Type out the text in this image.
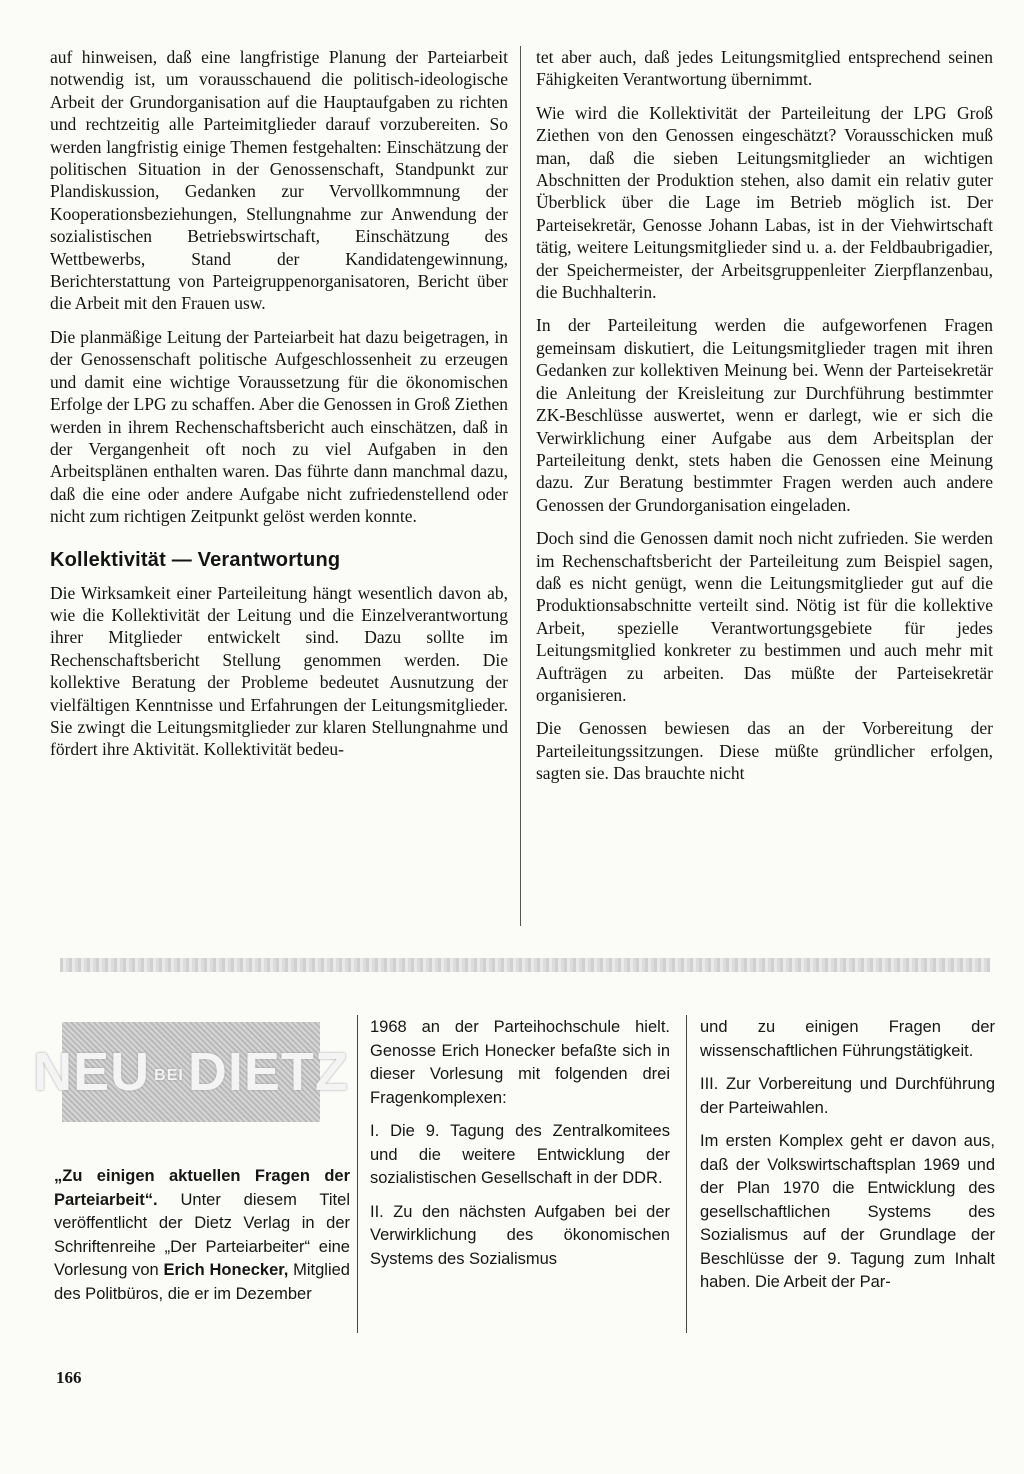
auf hinweisen, daß eine langfristige Planung der Parteiarbeit notwendig ist, um vorausschauend die politisch-ideologische Arbeit der Grundorganisation auf die Hauptaufgaben zu richten und rechtzeitig alle Parteimitglieder darauf vorzubereiten. So werden langfristig einige Themen festgehalten: Einschätzung der politischen Situation in der Genossenschaft, Standpunkt zur Plandiskussion, Gedanken zur Vervollkommnung der Kooperationsbeziehungen, Stellungnahme zur Anwendung der sozialistischen Betriebswirtschaft, Einschätzung des Wettbewerbs, Stand der Kandidatengewinnung, Berichterstattung von Parteigruppenorganisatoren, Bericht über die Arbeit mit den Frauen usw.

Die planmäßige Leitung der Parteiarbeit hat dazu beigetragen, in der Genossenschaft politische Aufgeschlossenheit zu erzeugen und damit eine wichtige Voraussetzung für die ökonomischen Erfolge der LPG zu schaffen. Aber die Genossen in Groß Ziethen werden in ihrem Rechenschaftsbericht auch einschätzen, daß in der Vergangenheit oft noch zu viel Aufgaben in den Arbeitsplänen enthalten waren. Das führte dann manchmal dazu, daß die eine oder andere Aufgabe nicht zufriedenstellend oder nicht zum richtigen Zeitpunkt gelöst werden konnte.

Kollektivität — Verantwortung

Die Wirksamkeit einer Parteileitung hängt wesentlich davon ab, wie die Kollektivität der Leitung und die Einzelverantwortung ihrer Mitglieder entwickelt sind. Dazu sollte im Rechenschaftsbericht Stellung genommen werden. Die kollektive Beratung der Probleme bedeutet Ausnutzung der vielfältigen Kenntnisse und Erfahrungen der Leitungsmitglieder. Sie zwingt die Leitungsmitglieder zur klaren Stellungnahme und fördert ihre Aktivität. Kollektivität bedeu-

tet aber auch, daß jedes Leitungsmitglied entsprechend seinen Fähigkeiten Verantwortung übernimmt.

Wie wird die Kollektivität der Parteileitung der LPG Groß Ziethen von den Genossen eingeschätzt? Vorausschicken muß man, daß die sieben Leitungsmitglieder an wichtigen Abschnitten der Produktion stehen, also damit ein relativ guter Überblick über die Lage im Betrieb möglich ist. Der Parteisekretär, Genosse Johann Labas, ist in der Viehwirtschaft tätig, weitere Leitungsmitglieder sind u. a. der Feldbaubrigadier, der Speichermeister, der Arbeitsgruppenleiter Zierpflanzenbau, die Buchhalterin.

In der Parteileitung werden die aufgeworfenen Fragen gemeinsam diskutiert, die Leitungsmitglieder tragen mit ihren Gedanken zur kollektiven Meinung bei. Wenn der Parteisekretär die Anleitung der Kreisleitung zur Durchführung bestimmter ZK-Beschlüsse auswertet, wenn er darlegt, wie er sich die Verwirklichung einer Aufgabe aus dem Arbeitsplan der Parteileitung denkt, stets haben die Genossen eine Meinung dazu. Zur Beratung bestimmter Fragen werden auch andere Genossen der Grundorganisation eingeladen.

Doch sind die Genossen damit noch nicht zufrieden. Sie werden im Rechenschaftsbericht der Parteileitung zum Beispiel sagen, daß es nicht genügt, wenn die Leitungsmitglieder gut auf die Produktionsabschnitte verteilt sind. Nötig ist für die kollektive Arbeit, spezielle Verantwortungsgebiete für jedes Leitungsmitglied konkreter zu bestimmen und auch mehr mit Aufträgen zu arbeiten. Das müßte der Parteisekretär organisieren.

Die Genossen bewiesen das an der Vorbereitung der Parteileitungssitzungen. Diese müßte gründlicher erfolgen, sagten sie. Das brauchte nicht

NEU BEIDIETZ

„Zu einigen aktuellen Fragen der Parteiarbeit“. Unter diesem Titel veröffentlicht der Dietz Verlag in der Schriftenreihe „Der Parteiarbeiter“ eine Vorlesung von Erich Honecker, Mitglied des Politbüros, die er im Dezember

1968 an der Parteihochschule hielt. Genosse Erich Honecker befaßte sich in dieser Vorlesung mit folgenden drei Fragenkomplexen:

I. Die 9. Tagung des Zentralkomitees und die weitere Entwicklung der sozialistischen Gesellschaft in der DDR.

II. Zu den nächsten Aufgaben bei der Verwirklichung des ökonomischen Systems des Sozialismus

und zu einigen Fragen der wissenschaftlichen Führungstätigkeit.

III. Zur Vorbereitung und Durchführung der Parteiwahlen.

Im ersten Komplex geht er davon aus, daß der Volkswirtschaftsplan 1969 und der Plan 1970 die Entwicklung des gesellschaftlichen Systems des Sozialismus auf der Grundlage der Beschlüsse der 9. Tagung zum Inhalt haben. Die Arbeit der Par-

166
